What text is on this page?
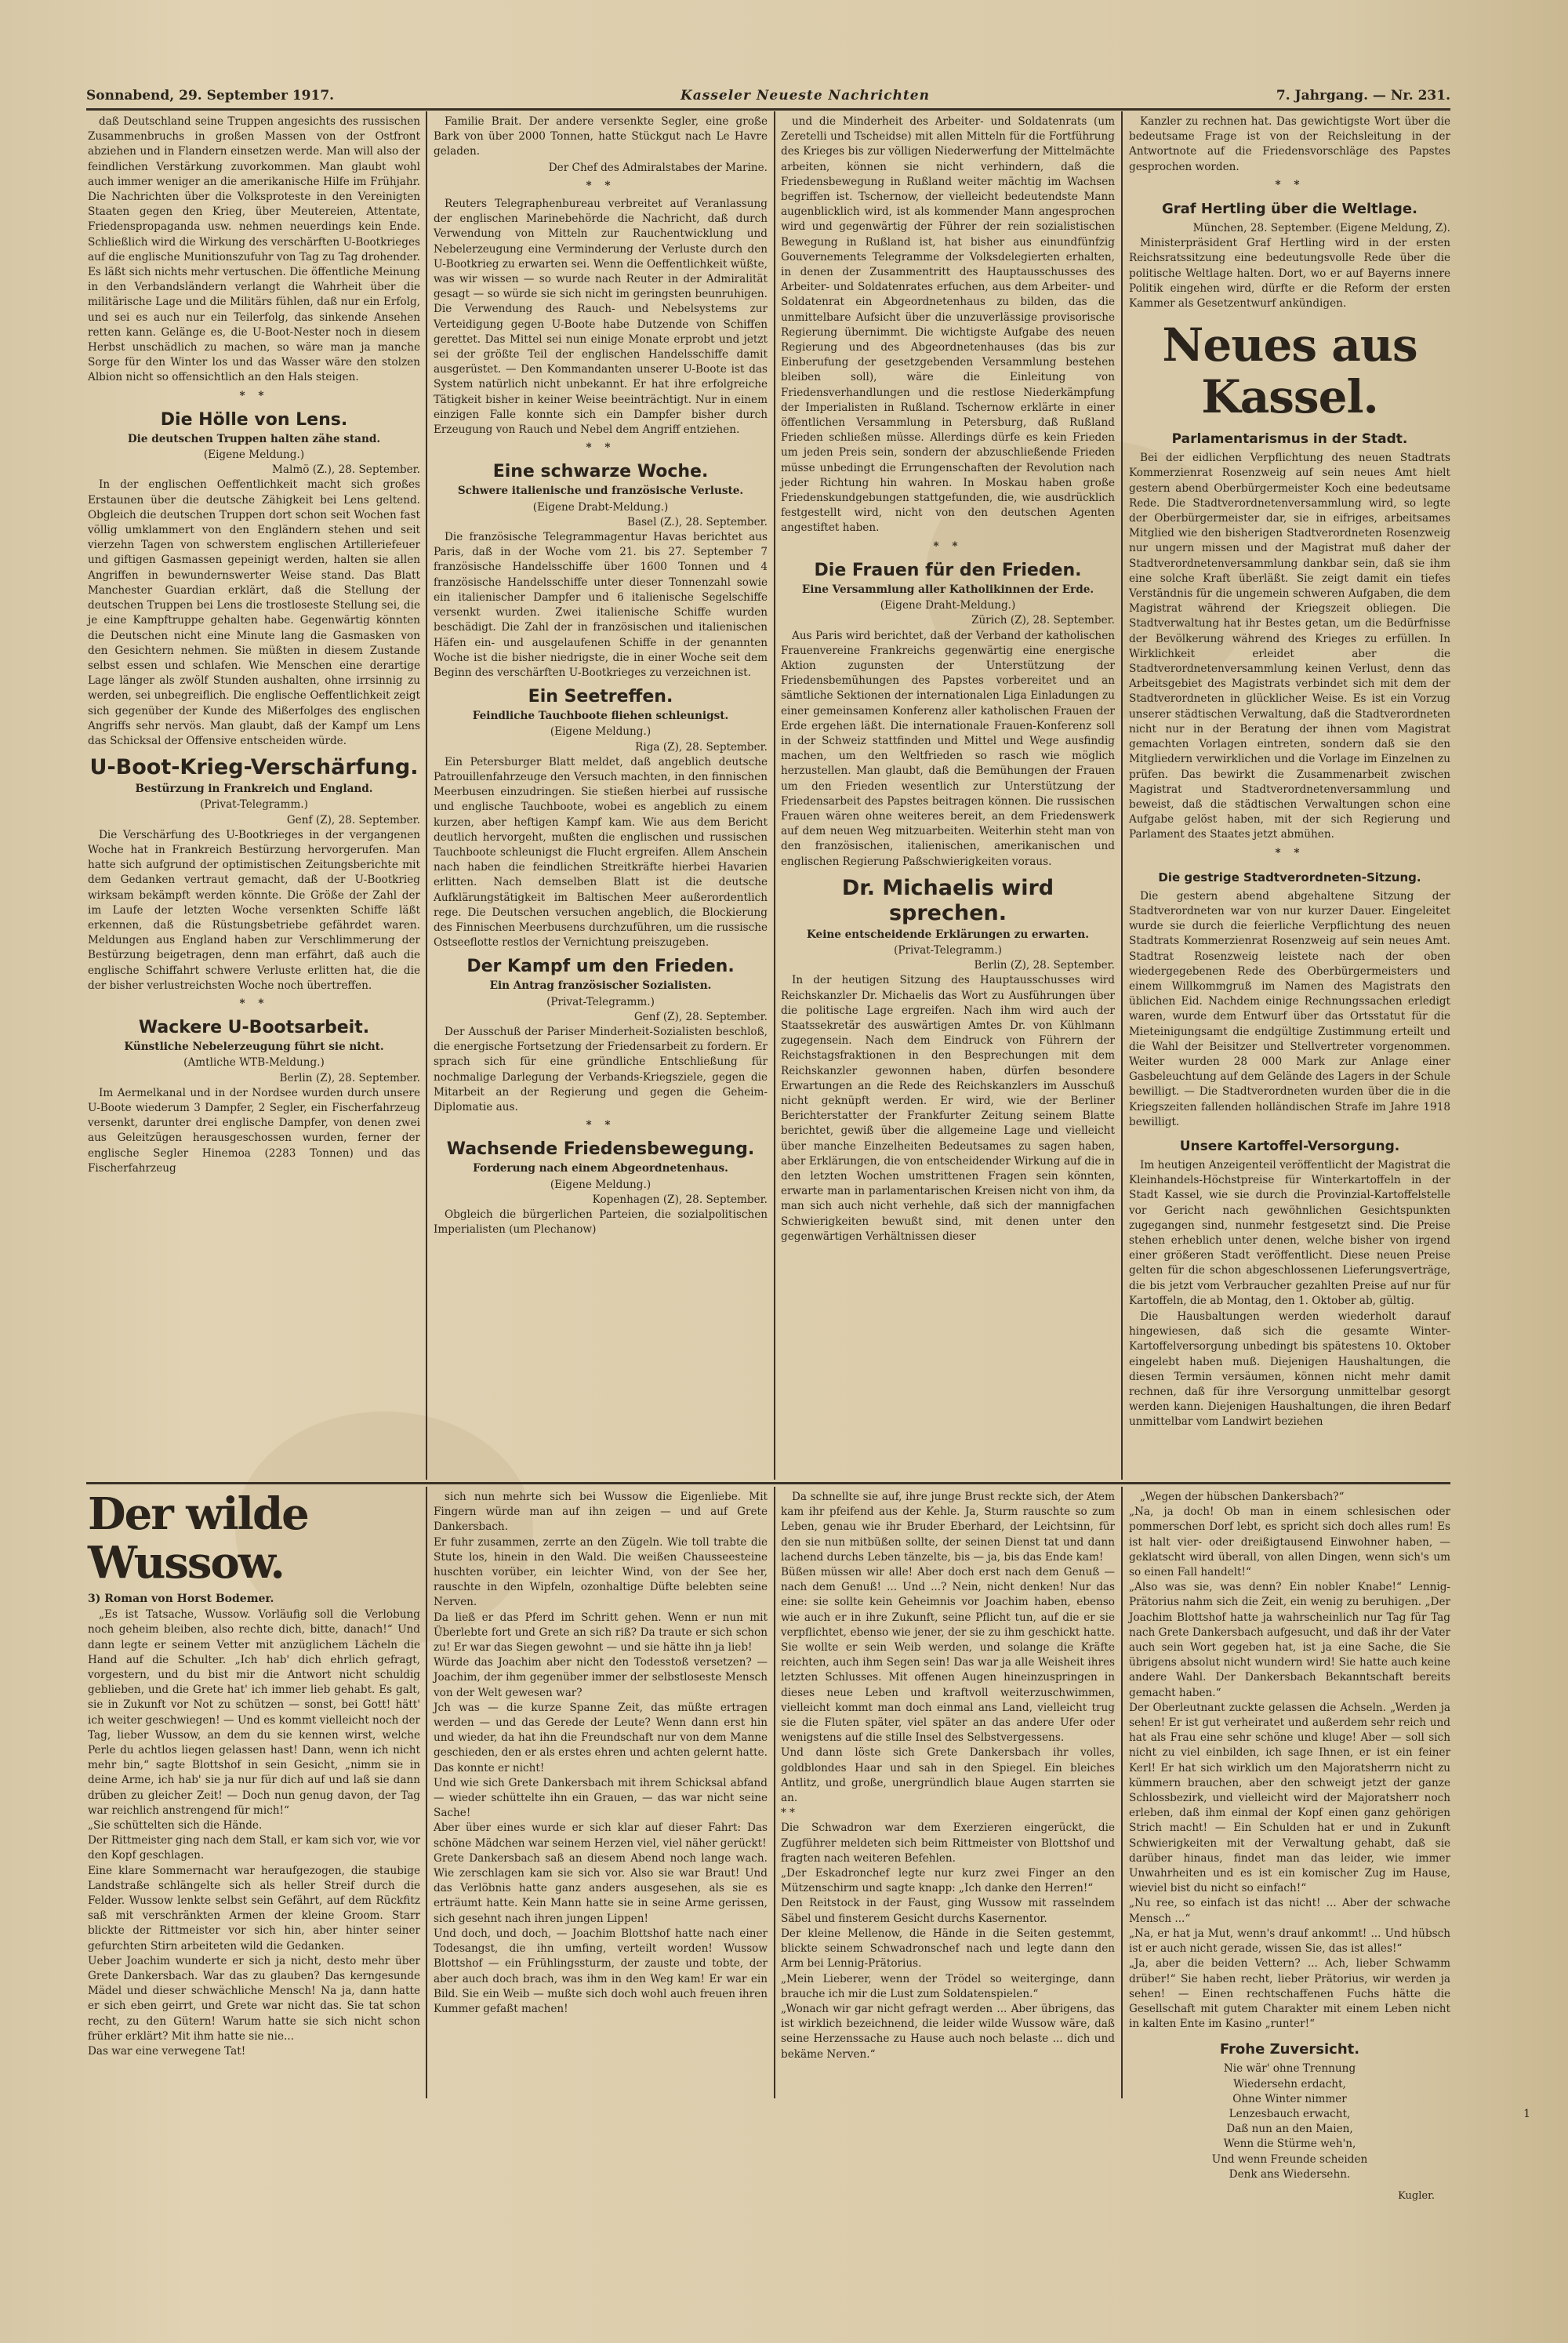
Sonnabend, 29. September 1917.	Kasseler Neueste Nachrichten	7. Jahrgang. — Nr. 231.

daß Deutschland seine Truppen angesichts des russischen Zusammenbruchs in großen Massen von der Ostfront abziehen und in Flandern einsetzen werde. Man will also der feindlichen Verstärkung zuvorkommen. Man glaubt wohl auch immer weniger an die amerikanische Hilfe im Frühjahr. Die Nachrichten über die Volksproteste in den Vereinigten Staaten gegen den Krieg, über Meutereien, Attentate, Friedenspropaganda usw. nehmen neuerdings kein Ende. Schließlich wird die Wirkung des verschärften U-Bootkrieges auf die englische Munitionszufuhr von Tag zu Tag drohender. Es läßt sich nichts mehr vertuschen. Die öffentliche Meinung in den Verbandsländern verlangt die Wahrheit über die militärische Lage und die Militärs fühlen, daß nur ein Erfolg, und sei es auch nur ein Teilerfolg, das sinkende Ansehen retten kann. Gelänge es, die U-Boot-Nester noch in diesem Herbst unschädlich zu machen, so wäre man ja manche Sorge für den Winter los und das Wasser wäre den stolzen Albion nicht so offensichtlich an den Hals steigen.

* *
Die Hölle von Lens.
Die deutschen Truppen halten zähe stand.
(Eigene Meldung.)
Malmö (Z.), 28. September.

In der englischen Oeffentlichkeit macht sich großes Erstaunen über die deutsche Zähigkeit bei Lens geltend. Obgleich die deutschen Truppen dort schon seit Wochen fast völlig umklammert von den Engländern stehen und seit vierzehn Tagen von schwerstem englischen Artilleriefeuer und giftigen Gasmassen gepeinigt werden, halten sie allen Angriffen in bewundernswerter Weise stand. Das Blatt Manchester Guardian erklärt, daß die Stellung der deutschen Truppen bei Lens die trostloseste Stellung sei, die je eine Kampftruppe gehalten habe. Gegenwärtig könnten die Deutschen nicht eine Minute lang die Gasmasken von den Gesichtern nehmen. Sie müßten in diesem Zustande selbst essen und schlafen. Wie Menschen eine derartige Lage länger als zwölf Stunden aushalten, ohne irrsinnig zu werden, sei unbegreiflich. Die englische Oeffentlichkeit zeigt sich gegenüber der Kunde des Mißerfolges des englischen Angriffs sehr nervös. Man glaubt, daß der Kampf um Lens das Schicksal der Offensive entscheiden würde.

U-Boot-Krieg-Verschärfung.
Bestürzung in Frankreich und England.
(Privat-Telegramm.)
Genf (Z), 28. September.

Die Verschärfung des U-Bootkrieges in der vergangenen Woche hat in Frankreich Bestürzung hervorgerufen. Man hatte sich aufgrund der optimistischen Zeitungsberichte mit dem Gedanken vertraut gemacht, daß der U-Bootkrieg wirksam bekämpft werden könnte. Die Größe der Zahl der im Laufe der letzten Woche versenkten Schiffe läßt erkennen, daß die Rüstungsbetriebe gefährdet waren. Meldungen aus England haben zur Verschlimmerung der Bestürzung beigetragen, denn man erfährt, daß auch die englische Schiffahrt schwere Verluste erlitten hat, die die der bisher verlustreichsten Woche noch übertreffen.

* *
Wackere U-Bootsarbeit.
Künstliche Nebelerzeugung führt sie nicht.
(Amtliche WTB-Meldung.)
Berlin (Z), 28. September.

Im Aermelkanal und in der Nordsee wurden durch unsere U-Boote wiederum 3 Dampfer, 2 Segler, ein Fischerfahrzeug versenkt, darunter drei englische Dampfer, von denen zwei aus Geleitzügen herausgeschossen wurden, ferner der englische Segler Hinemoa (2283 Tonnen) und das Fischerfahrzeug

Familie Brait. Der andere versenkte Segler, eine große Bark von über 2000 Tonnen, hatte Stückgut nach Le Havre geladen.

Der Chef des Admiralstabes der Marine.
* *

Reuters Telegraphenbureau verbreitet auf Veranlassung der englischen Marinebehörde die Nachricht, daß durch Verwendung von Mitteln zur Rauchentwicklung und Nebelerzeugung eine Verminderung der Verluste durch den U-Bootkrieg zu erwarten sei. Wenn die Oeffentlichkeit wüßte, was wir wissen — so wurde nach Reuter in der Admiralität gesagt — so würde sie sich nicht im geringsten beunruhigen. Die Verwendung des Rauch- und Nebelsystems zur Verteidigung gegen U-Boote habe Dutzende von Schiffen gerettet. Das Mittel sei nun einige Monate erprobt und jetzt sei der größte Teil der englischen Handelsschiffe damit ausgerüstet. — Den Kommandanten unserer U-Boote ist das System natürlich nicht unbekannt. Er hat ihre erfolgreiche Tätigkeit bisher in keiner Weise beeinträchtigt. Nur in einem einzigen Falle konnte sich ein Dampfer bisher durch Erzeugung von Rauch und Nebel dem Angriff entziehen.

* *
Eine schwarze Woche.
Schwere italienische und französische Verluste.
(Eigene Drabt-Meldung.)
Basel (Z.), 28. September.

Die französische Telegrammagentur Havas berichtet aus Paris, daß in der Woche vom 21. bis 27. September 7 französische Handelsschiffe über 1600 Tonnen und 4 französische Handelsschiffe unter dieser Tonnenzahl sowie ein italienischer Dampfer und 6 italienische Segelschiffe versenkt wurden. Zwei italienische Schiffe wurden beschädigt. Die Zahl der in französischen und italienischen Häfen ein- und ausgelaufenen Schiffe in der genannten Woche ist die bisher niedrigste, die in einer Woche seit dem Beginn des verschärften U-Bootkrieges zu verzeichnen ist.

Ein Seetreffen.
Feindliche Tauchboote fliehen schleunigst.
(Eigene Meldung.)
Riga (Z), 28. September.

Ein Petersburger Blatt meldet, daß angeblich deutsche Patrouillenfahrzeuge den Versuch machten, in den finnischen Meerbusen einzudringen. Sie stießen hierbei auf russische und englische Tauchboote, wobei es angeblich zu einem kurzen, aber heftigen Kampf kam. Wie aus dem Bericht deutlich hervorgeht, mußten die englischen und russischen Tauchboote schleunigst die Flucht ergreifen. Allem Anschein nach haben die feindlichen Streitkräfte hierbei Havarien erlitten. Nach demselben Blatt ist die deutsche Aufklärungstätigkeit im Baltischen Meer außerordentlich rege. Die Deutschen versuchen angeblich, die Blockierung des Finnischen Meerbusens durchzuführen, um die russische Ostseeflotte restlos der Vernichtung preiszugeben.

Der Kampf um den Frieden.
Ein Antrag französischer Sozialisten.
(Privat-Telegramm.)
Genf (Z), 28. September.

Der Ausschuß der Pariser Minderheit-Sozialisten beschloß, die energische Fortsetzung der Friedensarbeit zu fordern. Er sprach sich für eine gründliche Entschließung für nochmalige Darlegung der Verbands-Kriegsziele, gegen die Mitarbeit an der Regierung und gegen die Geheim-Diplomatie aus.

* *
Wachsende Friedensbewegung.
Forderung nach einem Abgeordnetenhaus.
(Eigene Meldung.)
Kopenhagen (Z), 28. September.

Obgleich die bürgerlichen Parteien, die sozialpolitischen Imperialisten (um Plechanow)

und die Minderheit des Arbeiter- und Soldatenrats (um Zeretelli und Tscheidse) mit allen Mitteln für die Fortführung des Krieges bis zur völligen Niederwerfung der Mittelmächte arbeiten, können sie nicht verhindern, daß die Friedensbewegung in Rußland weiter mächtig im Wachsen begriffen ist. Tschernow, der vielleicht bedeutendste Mann augenblicklich wird, ist als kommender Mann angesprochen wird und gegenwärtig der Führer der rein sozialistischen Bewegung in Rußland ist, hat bisher aus einundfünfzig Gouvernements Telegramme der Volksdelegierten erhalten, in denen der Zusammentritt des Hauptausschusses des Arbeiter- und Soldatenrates erfuchen, aus dem Arbeiter- und Soldatenrat ein Abgeordnetenhaus zu bilden, das die unmittelbare Aufsicht über die unzuverlässige provisorische Regierung übernimmt. Die wichtigste Aufgabe des neuen Regierung und des Abgeordnetenhauses (das bis zur Einberufung der gesetzgebenden Versammlung bestehen bleiben soll), wäre die Einleitung von Friedensverhandlungen und die restlose Niederkämpfung der Imperialisten in Rußland. Tschernow erklärte in einer öffentlichen Versammlung in Petersburg, daß Rußland Frieden schließen müsse. Allerdings dürfe es kein Frieden um jeden Preis sein, sondern der abzuschließende Frieden müsse unbedingt die Errungenschaften der Revolution nach jeder Richtung hin wahren. In Moskau haben große Friedenskundgebungen stattgefunden, die, wie ausdrücklich festgestellt wird, nicht von den deutschen Agenten angestiftet haben.

* *
Die Frauen für den Frieden.
Eine Versammlung aller Katholikinnen der Erde.
(Eigene Draht-Meldung.)
Zürich (Z), 28. September.

Aus Paris wird berichtet, daß der Verband der katholischen Frauenvereine Frankreichs gegenwärtig eine energische Aktion zugunsten der Unterstützung der Friedensbemühungen des Papstes vorbereitet und an sämtliche Sektionen der internationalen Liga Einladungen zu einer gemeinsamen Konferenz aller katholischen Frauen der Erde ergehen läßt. Die internationale Frauen-Konferenz soll in der Schweiz stattfinden und Mittel und Wege ausfindig machen, um den Weltfrieden so rasch wie möglich herzustellen. Man glaubt, daß die Bemühungen der Frauen um den Frieden wesentlich zur Unterstützung der Friedensarbeit des Papstes beitragen können. Die russischen Frauen wären ohne weiteres bereit, an dem Friedenswerk auf dem neuen Weg mitzuarbeiten. Weiterhin steht man von den französischen, italienischen, amerikanischen und englischen Regierung Paßschwierigkeiten voraus.

Dr. Michaelis wird sprechen.
Keine entscheidende Erklärungen zu erwarten.
(Privat-Telegramm.)
Berlin (Z), 28. September.

In der heutigen Sitzung des Hauptausschusses wird Reichskanzler Dr. Michaelis das Wort zu Ausführungen über die politische Lage ergreifen. Nach ihm wird auch der Staatssekretär des auswärtigen Amtes Dr. von Kühlmann zugegensein. Nach dem Eindruck von Führern der Reichstagsfraktionen in den Besprechungen mit dem Reichskanzler gewonnen haben, dürfen besondere Erwartungen an die Rede des Reichskanzlers im Ausschuß nicht geknüpft werden. Er wird, wie der Berliner Berichterstatter der Frankfurter Zeitung seinem Blatte berichtet, gewiß über die allgemeine Lage und vielleicht über manche Einzelheiten Bedeutsames zu sagen haben, aber Erklärungen, die von entscheidender Wirkung auf die in den letzten Wochen umstrittenen Fragen sein könnten, erwarte man in parlamentarischen Kreisen nicht von ihm, da man sich auch nicht verhehle, daß sich der mannigfachen Schwierigkeiten bewußt sind, mit denen unter den gegenwärtigen Verhältnissen dieser

Kanzler zu rechnen hat. Das gewichtigste Wort über die bedeutsame Frage ist von der Reichsleitung in der Antwortnote auf die Friedensvorschläge des Papstes gesprochen worden.

* *
Graf Hertling über die Weltlage.
München, 28. September. (Eigene Meldung, Z).

Ministerpräsident Graf Hertling wird in der ersten Reichsratssitzung eine bedeutungsvolle Rede über die politische Weltlage halten. Dort, wo er auf Bayerns innere Politik eingehen wird, dürfte er die Reform der ersten Kammer als Gesetzentwurf ankündigen.

Neues aus Kassel.
Parlamentarismus in der Stadt.

Bei der eidlichen Verpflichtung des neuen Stadtrats Kommerzienrat Rosenzweig auf sein neues Amt hielt gestern abend Oberbürgermeister Koch eine bedeutsame Rede. Die Stadtverordnetenversammlung wird, so legte der Oberbürgermeister dar, sie in eifriges, arbeitsames Mitglied wie den bisherigen Stadtverordneten Rosenzweig nur ungern missen und der Magistrat muß daher der Stadtverordnetenversammlung dankbar sein, daß sie ihm eine solche Kraft überläßt. Sie zeigt damit ein tiefes Verständnis für die ungemein schweren Aufgaben, die dem Magistrat während der Kriegszeit obliegen. Die Stadtverwaltung hat ihr Bestes getan, um die Bedürfnisse der Bevölkerung während des Krieges zu erfüllen. In Wirklichkeit erleidet aber die Stadtverordnetenversammlung keinen Verlust, denn das Arbeitsgebiet des Magistrats verbindet sich mit dem der Stadtverordneten in glücklicher Weise. Es ist ein Vorzug unserer städtischen Verwaltung, daß die Stadtverordneten nicht nur in der Beratung der ihnen vom Magistrat gemachten Vorlagen eintreten, sondern daß sie den Mitgliedern verwirklichen und die Vorlage im Einzelnen zu prüfen. Das bewirkt die Zusammenarbeit zwischen Magistrat und Stadtverordnetenversammlung und beweist, daß die städtischen Verwaltungen schon eine Aufgabe gelöst haben, mit der sich Regierung und Parlament des Staates jetzt abmühen.

* *
Die gestrige Stadtverordneten-Sitzung.

Die gestern abend abgehaltene Sitzung der Stadtverordneten war von nur kurzer Dauer. Eingeleitet wurde sie durch die feierliche Verpflichtung des neuen Stadtrats Kommerzienrat Rosenzweig auf sein neues Amt. Stadtrat Rosenzweig leistete nach der oben wiedergegebenen Rede des Oberbürgermeisters und einem Willkommgruß im Namen des Magistrats den üblichen Eid. Nachdem einige Rechnungssachen erledigt waren, wurde dem Entwurf über das Ortsstatut für die Mieteinigungsamt die endgültige Zustimmung erteilt und die Wahl der Beisitzer und Stellvertreter vorgenommen. Weiter wurden 28 000 Mark zur Anlage einer Gasbeleuchtung auf dem Gelände des Lagers in der Schule bewilligt. — Die Stadtverordneten wurden über die in die Kriegszeiten fallenden holländischen Strafe im Jahre 1918 bewilligt.

Unsere Kartoffel-Versorgung.

Im heutigen Anzeigenteil veröffentlicht der Magistrat die Kleinhandels-Höchstpreise für Winterkartoffeln in der Stadt Kassel, wie sie durch die Provinzial-Kartoffelstelle vor Gericht nach gewöhnlichen Gesichtspunkten zugegangen sind, nunmehr festgesetzt sind. Die Preise stehen erheblich unter denen, welche bisher von irgend einer größeren Stadt veröffentlicht. Diese neuen Preise gelten für die schon abgeschlossenen Lieferungsverträge, die bis jetzt vom Verbraucher gezahlten Preise auf nur für Kartoffeln, die ab Montag, den 1. Oktober ab, gültig.

Die Hausbaltungen werden wiederholt darauf hingewiesen, daß sich die gesamte Winter-Kartoffelversorgung unbedingt bis spätestens 10. Oktober eingelebt haben muß. Diejenigen Haushaltungen, die diesen Termin versäumen, können nicht mehr damit rechnen, daß für ihre Versorgung unmittelbar gesorgt werden kann. Diejenigen Haushaltungen, die ihren Bedarf unmittelbar vom Landwirt beziehen

Der wilde Wussow.

3) Roman von Horst Bodemer.

„Es ist Tatsache, Wussow. Vorläufig soll die Verlobung noch geheim bleiben, also rechte dich, bitte, danach!“ Und dann legte er seinem Vetter mit anzüglichem Lächeln die Hand auf die Schulter. „Ich hab' dich ehrlich gefragt, vorgestern, und du bist mir die Antwort nicht schuldig geblieben, und die Grete hat' ich immer lieb gehabt. Es galt, sie in Zukunft vor Not zu schützen — sonst, bei Gott! hätt' ich weiter geschwiegen! — Und es kommt vielleicht noch der Tag, lieber Wussow, an dem du sie kennen wirst, welche Perle du achtlos liegen gelassen hast! Dann, wenn ich nicht mehr bin,“ sagte Blottshof in sein Gesicht, „nimm sie in deine Arme, ich hab' sie ja nur für dich auf und laß sie dann drüben zu gleicher Zeit! — Doch nun genug davon, der Tag war reichlich anstrengend für mich!“
„Sie schüttelten sich die Hände.
Der Rittmeister ging nach dem Stall, er kam sich vor, wie vor den Kopf geschlagen.
Eine klare Sommernacht war heraufgezogen, die staubige Landstraße schlängelte sich als heller Streif durch die Felder. Wussow lenkte selbst sein Gefährt, auf dem Rückfitz saß mit verschränkten Armen der kleine Groom. Starr blickte der Rittmeister vor sich hin, aber hinter seiner gefurchten Stirn arbeiteten wild die Gedanken.
Ueber Joachim wunderte er sich ja nicht, desto mehr über Grete Dankersbach. War das zu glauben? Das kerngesunde Mädel und dieser schwächliche Mensch! Na ja, dann hatte er sich eben geirrt, und Grete war nicht das. Sie tat schon recht, zu den Gütern! Warum hatte sie sich nicht schon früher erklärt? Mit ihm hatte sie nie...
Das war eine verwegene Tat!

sich nun mehrte sich bei Wussow die Eigenliebe. Mit Fingern würde man auf ihn zeigen — und auf Grete Dankersbach.
Er fuhr zusammen, zerrte an den Zügeln. Wie toll trabte die Stute los, hinein in den Wald. Die weißen Chausseesteine huschten vorüber, ein leichter Wind, von der See her, rauschte in den Wipfeln, ozonhaltige Düfte belebten seine Nerven.
Da ließ er das Pferd im Schritt gehen. Wenn er nun mit Überlebte fort und Grete an sich riß? Da traute er sich schon zu! Er war das Siegen gewohnt — und sie hätte ihn ja lieb!
Würde das Joachim aber nicht den Todesstoß versetzen? — Joachim, der ihm gegenüber immer der selbstloseste Mensch von der Welt gewesen war?
Jch was — die kurze Spanne Zeit, das müßte ertragen werden — und das Gerede der Leute? Wenn dann erst hin und wieder, da hat ihn die Freundschaft nur von dem Manne geschieden, den er als erstes ehren und achten gelernt hatte. Das konnte er nicht!
Und wie sich Grete Dankersbach mit ihrem Schicksal abfand — wieder schüttelte ihn ein Grauen, — das war nicht seine Sache!
Aber über eines wurde er sich klar auf dieser Fahrt: Das schöne Mädchen war seinem Herzen viel, viel näher gerückt!
Grete Dankersbach saß an diesem Abend noch lange wach. Wie zerschlagen kam sie sich vor. Also sie war Braut! Und das Verlöbnis hatte ganz anders ausgesehen, als sie es erträumt hatte. Kein Mann hatte sie in seine Arme gerissen, sich gesehnt nach ihren jungen Lippen!
Und doch, und doch, — Joachim Blottshof hatte nach einer Todesangst, die ihn umfing, verteilt worden! Wussow Blottshof — ein Frühlingssturm, der zauste und tobte, der aber auch doch brach, was ihm in den Weg kam! Er war ein Bild. Sie ein Weib — mußte sich doch wohl auch freuen ihren Kummer gefaßt machen!

Da schnellte sie auf, ihre junge Brust reckte sich, der Atem kam ihr pfeifend aus der Kehle. Ja, Sturm rauschte so zum Leben, genau wie ihr Bruder Eberhard, der Leichtsinn, für den sie nun mitbüßen sollte, der seinen Dienst tat und dann lachend durchs Leben tänzelte, bis — ja, bis das Ende kam!
Büßen müssen wir alle! Aber doch erst nach dem Genuß — nach dem Genuß! ... Und ...? Nein, nicht denken! Nur das eine: sie sollte kein Geheimnis vor Joachim haben, ebenso wie auch er in ihre Zukunft, seine Pflicht tun, auf die er sie verpflichtet, ebenso wie jener, der sie zu ihm geschickt hatte. Sie wollte er sein Weib werden, und solange die Kräfte reichten, auch ihm Segen sein! Das war ja alle Weisheit ihres letzten Schlusses. Mit offenen Augen hineinzuspringen in dieses neue Leben und kraftvoll weiterzuschwimmen, vielleicht kommt man doch einmal ans Land, vielleicht trug sie die Fluten später, viel später an das andere Ufer oder wenigstens auf die stille Insel des Selbstvergessens.
Und dann löste sich Grete Dankersbach ihr volles, goldblondes Haar und sah in den Spiegel. Ein bleiches Antlitz, und große, unergründlich blaue Augen starrten sie an.
* *
Die Schwadron war dem Exerzieren eingerückt, die Zugführer meldeten sich beim Rittmeister von Blottshof und fragten nach weiteren Befehlen.
„Der Eskadronchef legte nur kurz zwei Finger an den Mützenschirm und sagte knapp: „Ich danke den Herren!“
Den Reitstock in der Faust, ging Wussow mit rasselndem Säbel und finsterem Gesicht durchs Kasernentor.
Der kleine Mellenow, die Hände in die Seiten gestemmt, blickte seinem Schwadronschef nach und legte dann den Arm bei Lennig-Prätorius.
„Mein Lieberer, wenn der Trödel so weiterginge, dann brauche ich mir die Lust zum Soldatenspielen.“
„Wonach wir gar nicht gefragt werden ... Aber übrigens, das ist wirklich bezeichnend, die leider wilde Wussow wäre, daß seine Herzenssache zu Hause auch noch belaste ... dich und bekäme Nerven.“

„Wegen der hübschen Dankersbach?“
„Na, ja doch! Ob man in einem schlesischen oder pommerschen Dorf lebt, es spricht sich doch alles rum! Es ist halt vier- oder dreißigtausend Einwohner haben, — geklatscht wird überall, von allen Dingen, wenn sich's um so einen Fall handelt!“
„Also was sie, was denn? Ein nobler Knabe!“ Lennig-Prätorius nahm sich die Zeit, ein wenig zu beruhigen. „Der Joachim Blottshof hatte ja wahrscheinlich nur Tag für Tag nach Grete Dankersbach aufgesucht, und daß ihr der Vater auch sein Wort gegeben hat, ist ja eine Sache, die Sie übrigens absolut nicht wundern wird! Sie hatte auch keine andere Wahl. Der Dankersbach Bekanntschaft bereits gemacht haben.“
Der Oberleutnant zuckte gelassen die Achseln. „Werden ja sehen! Er ist gut verheiratet und außerdem sehr reich und hat als Frau eine sehr schöne und kluge! Aber — soll sich nicht zu viel einbilden, ich sage Ihnen, er ist ein feiner Kerl! Er hat sich wirklich um den Majoratsherrn nicht zu kümmern brauchen, aber den schweigt jetzt der ganze Schlossbezirk, und vielleicht wird der Majoratsherr noch erleben, daß ihm einmal der Kopf einen ganz gehörigen Strich macht! — Ein Schulden hat er und in Zukunft Schwierigkeiten mit der Verwaltung gehabt, daß sie darüber hinaus, findet man das leider, wie immer Unwahrheiten und es ist ein komischer Zug im Hause, wieviel bist du nicht so einfach!“
„Nu ree, so einfach ist das nicht! ... Aber der schwache Mensch ...“
„Na, er hat ja Mut, wenn's drauf ankommt! ... Und hübsch ist er auch nicht gerade, wissen Sie, das ist alles!“
„Ja, aber die beiden Vettern? ... Ach, lieber Schwamm drüber!“ Sie haben recht, lieber Prätorius, wir werden ja sehen! — Einen rechtschaffenen Fuchs hätte die Gesellschaft mit gutem Charakter mit einem Leben nicht in kalten Ente im Kasino „runter!“

Frohe Zuversicht.

Nie wär' ohne Trennung

Wiedersehn erdacht,

Ohne Winter nimmer

Lenzesbauch erwacht,

Daß nun an den Maien,

Wenn die Stürme weh'n,

Und wenn Freunde scheiden

Denk ans Wiedersehn.

Kugler.
1
